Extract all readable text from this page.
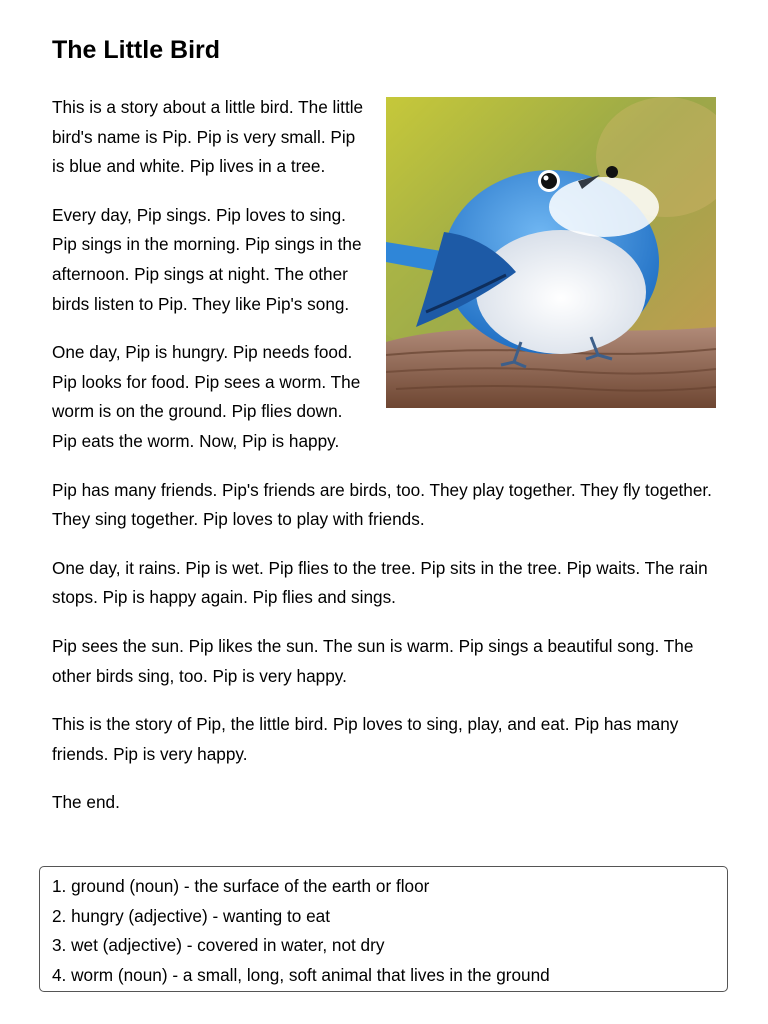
The Little Bird

This is a story about a little bird. The little bird's name is Pip. Pip is very small. Pip is blue and white. Pip lives in a tree.

Every day, Pip sings. Pip loves to sing. Pip sings in the morning. Pip sings in the afternoon. Pip sings at night. The other birds listen to Pip. They like Pip's song.

One day, Pip is hungry. Pip needs food. Pip looks for food. Pip sees a worm. The worm is on the ground. Pip flies down. Pip eats the worm. Now, Pip is happy.

Pip has many friends. Pip's friends are birds, too. They play together. They fly together. They sing together. Pip loves to play with friends.

One day, it rains. Pip is wet. Pip flies to the tree. Pip sits in the tree. Pip waits. The rain stops. Pip is happy again. Pip flies and sings.

Pip sees the sun. Pip likes the sun. The sun is warm. Pip sings a beautiful song. The other birds sing, too. Pip is very happy.

This is the story of Pip, the little bird. Pip loves to sing, play, and eat. Pip has many friends. Pip is very happy.

The end.

1. ground (noun) - the surface of the earth or floor
2. hungry (adjective) - wanting to eat
3. wet (adjective) - covered in water, not dry
4. worm (noun) - a small, long, soft animal that lives in the ground
